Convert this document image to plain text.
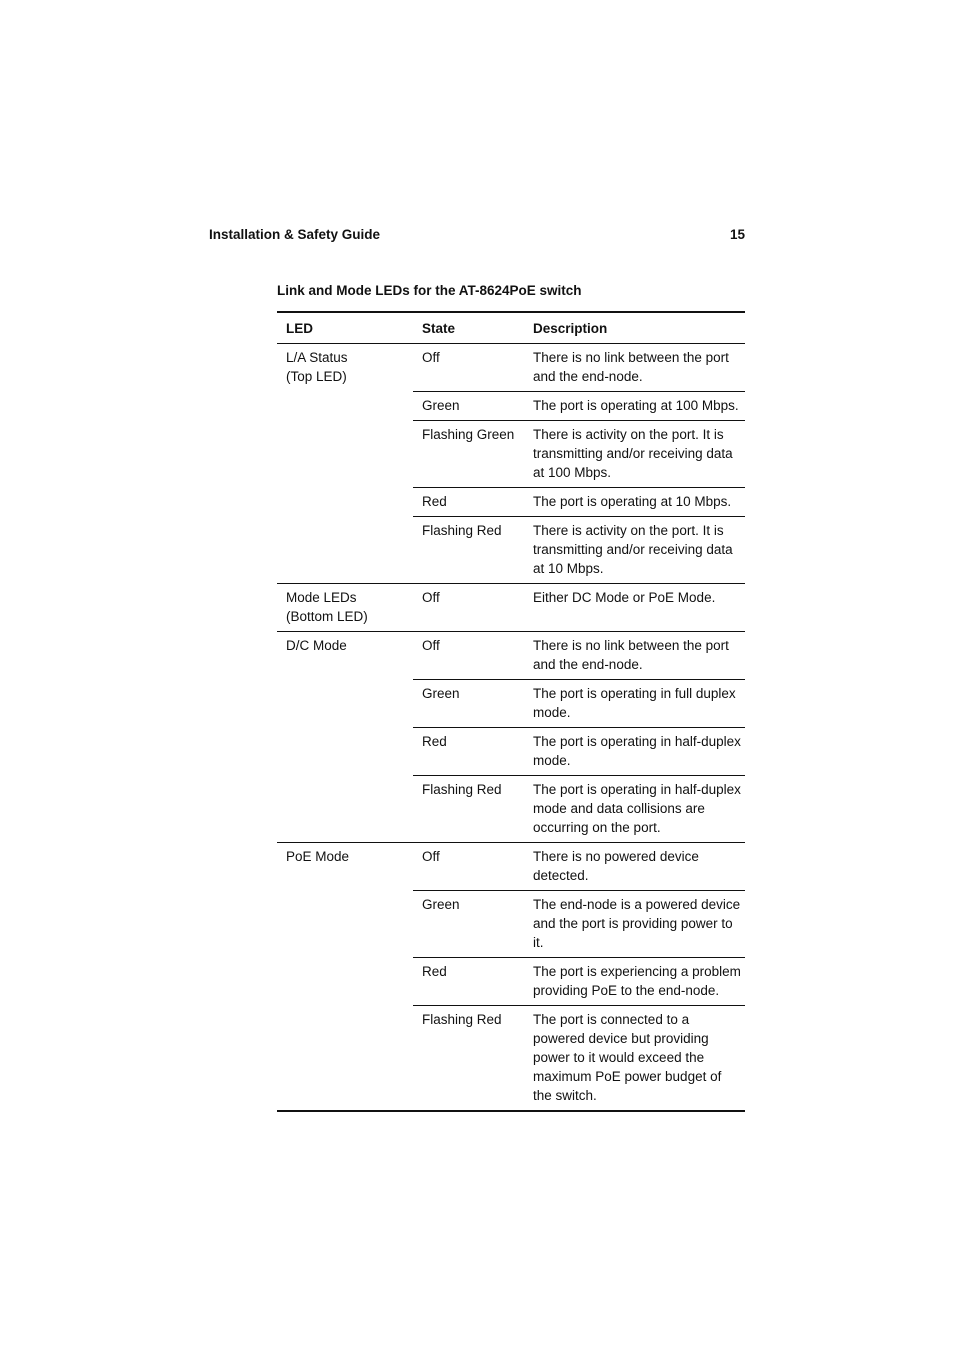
Installation & Safety Guide	15
Link and Mode LEDs for the AT-8624PoE switch
LED	State	Description

L/A Status
(Top LED)	Off	There is no link between the port and the end-node.
	Green	The port is operating at 100 Mbps.
	Flashing Green	There is activity on the port. It is transmitting and/or receiving data at 100 Mbps.
	Red	The port is operating at 10 Mbps.
	Flashing Red	There is activity on the port. It is transmitting and/or receiving data at 10 Mbps.

Mode LEDs
(Bottom LED)	Off	Either DC Mode or PoE Mode.

D/C Mode	Off	There is no link between the port and the end-node.
	Green	The port is operating in full duplex mode.
	Red	The port is operating in half-duplex mode.
	Flashing Red	The port is operating in half-duplex mode and data collisions are occurring on the port.

PoE Mode	Off	There is no powered device detected.
	Green	The end-node is a powered device and the port is providing power to it.
	Red	The port is experiencing a problem providing PoE to the end-node.
	Flashing Red	The port is connected to a powered device but providing power to it would exceed the maximum PoE power budget of the switch.
